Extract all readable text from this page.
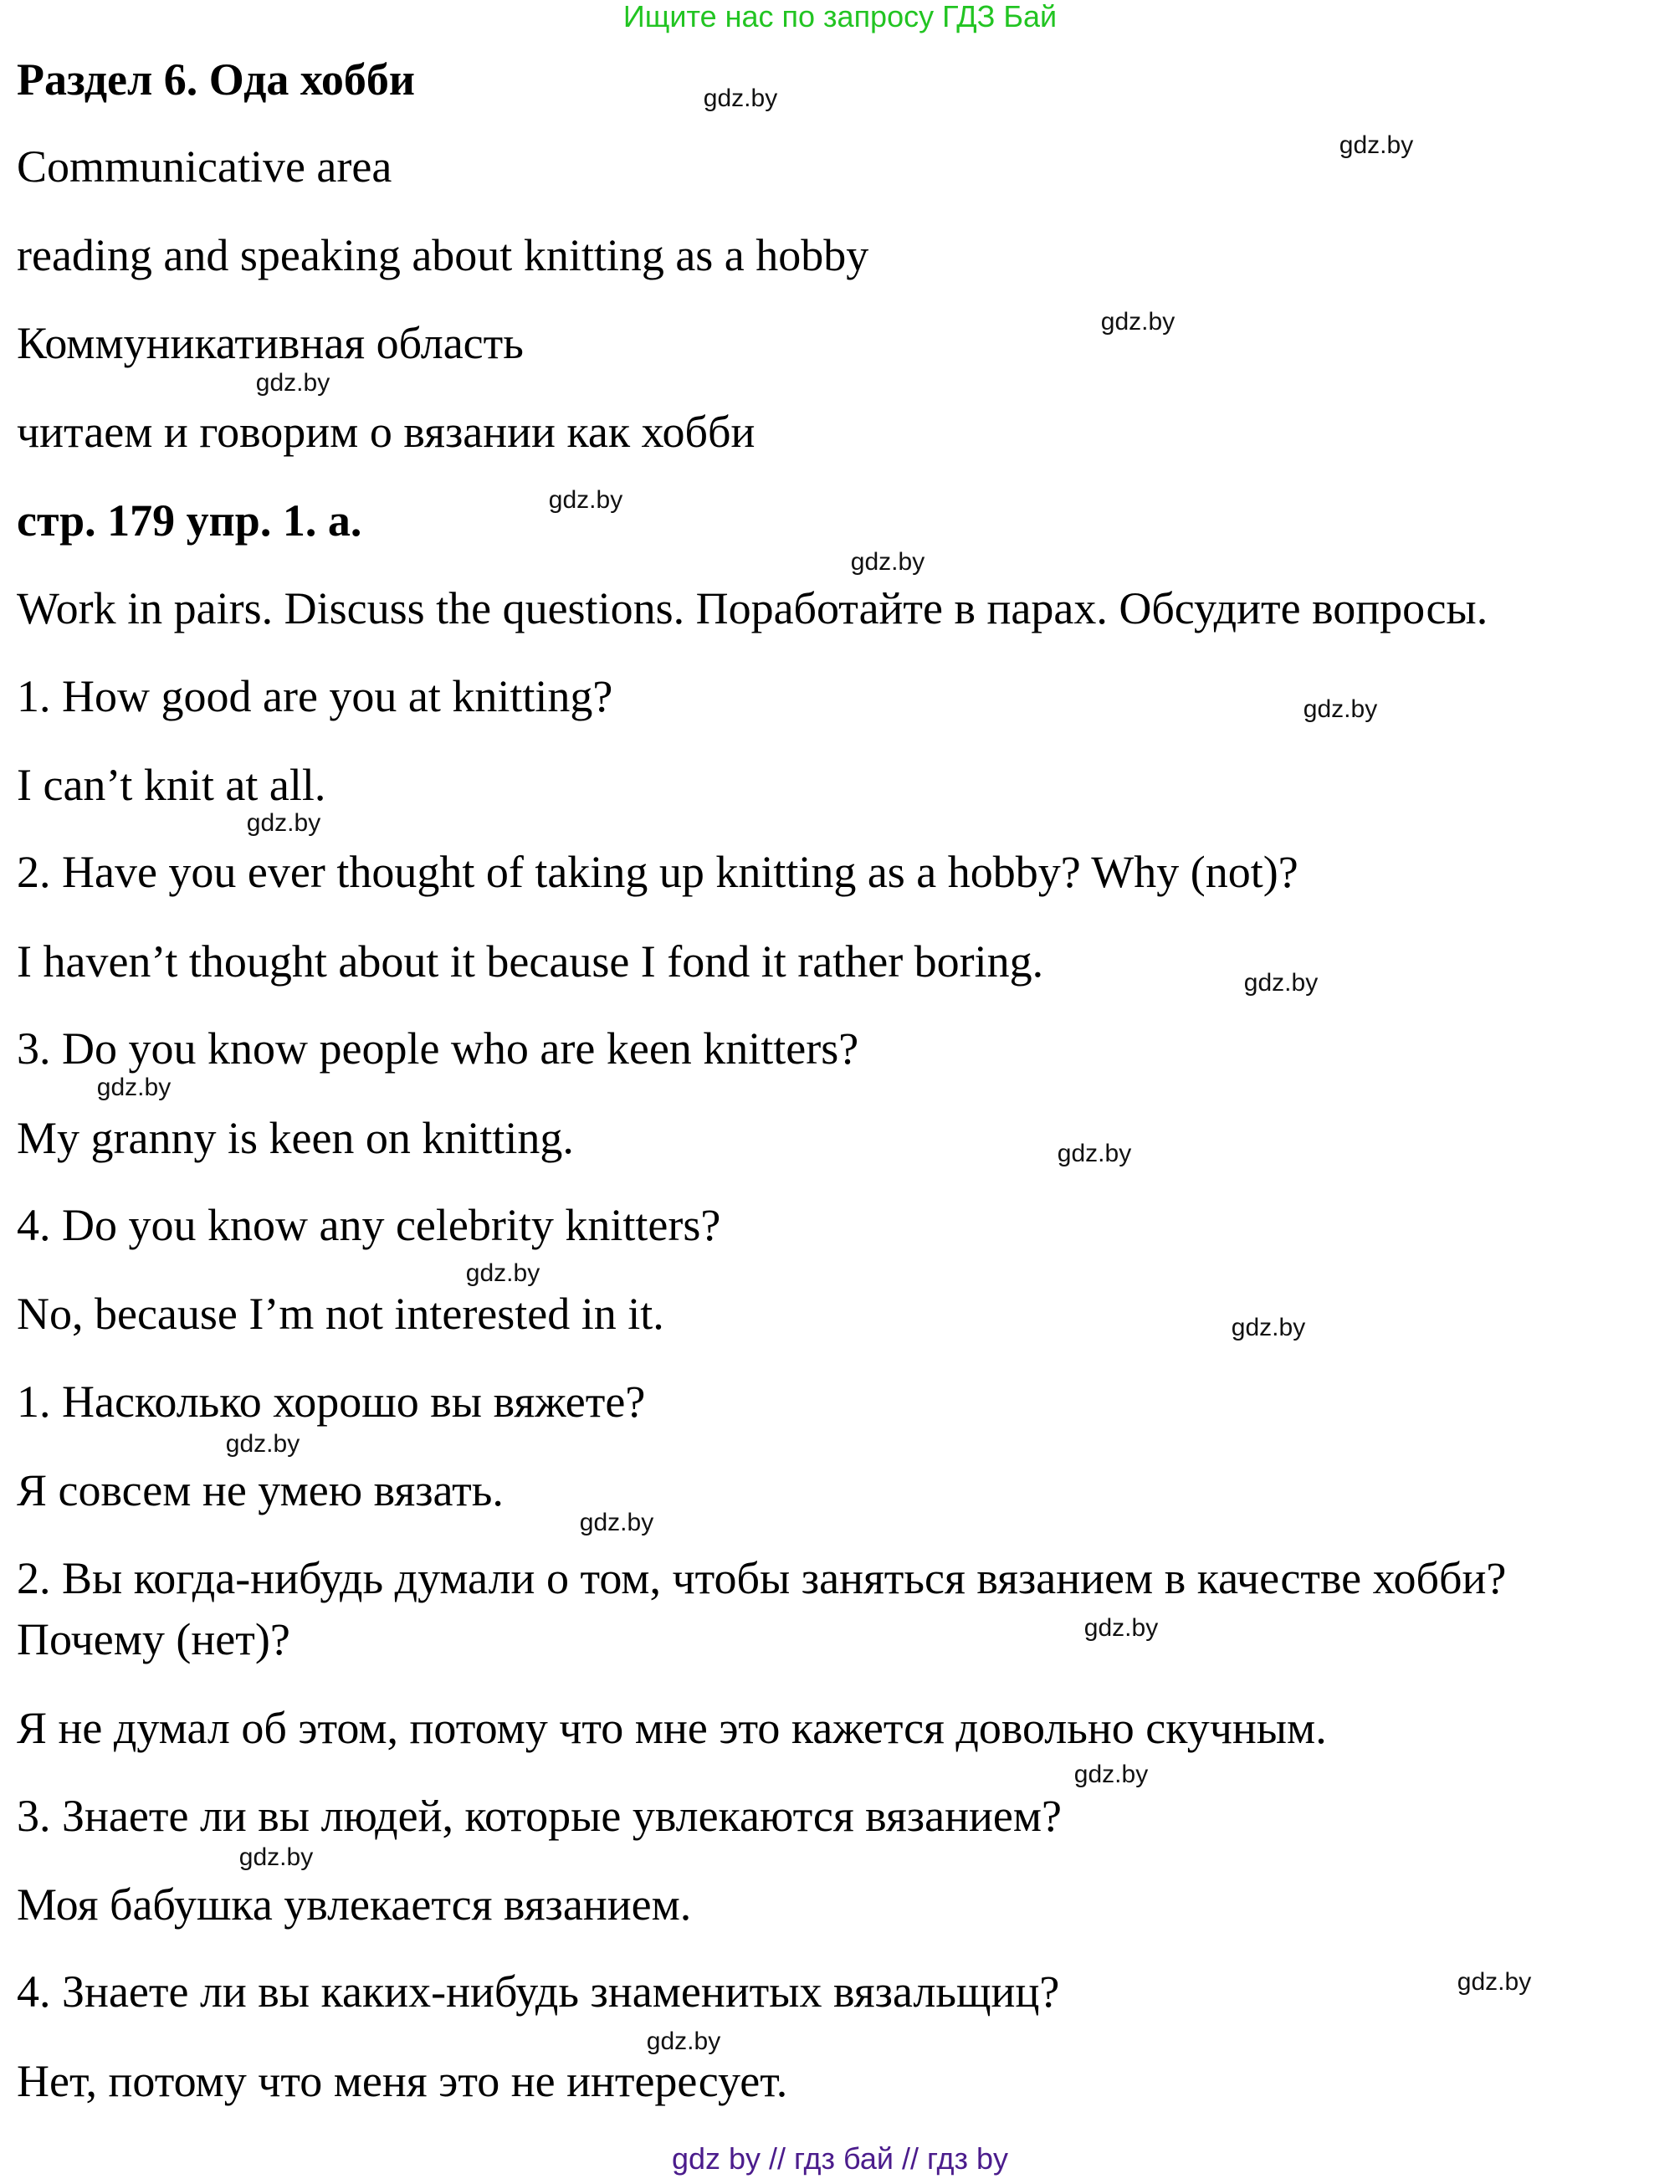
Ищите нас по запросу ГДЗ Бай
Раздел 6. Ода хобби
Communicative area
reading and speaking about knitting as a hobby
Коммуникативная область
читаем и говорим о вязании как хобби
стр. 179 упр. 1. а.
Work in pairs. Discuss the questions. Поработайте в парах. Обсудите вопросы.
1. How good are you at knitting?
I can’t knit at all.
2. Have you ever thought of taking up knitting as a hobby? Why (not)?
I haven’t thought about it because I fond it rather boring.
3. Do you know people who are keen knitters?
My granny is keen on knitting.
4. Do you know any celebrity knitters?
No, because I’m not interested in it.
1. Насколько хорошо вы вяжете?
Я совсем не умею вязать.
2. Вы когда-нибудь думали о том, чтобы заняться вязанием в качестве хобби?
Почему (нет)?
Я не думал об этом, потому что мне это кажется довольно скучным.
3. Знаете ли вы людей, которые увлекаются вязанием?
Моя бабушка увлекается вязанием.
4. Знаете ли вы каких-нибудь знаменитых вязальщиц?
Нет, потому что меня это не интересует.
gdz.by
gdz.by
gdz.by
gdz.by
gdz.by
gdz.by
gdz.by
gdz.by
gdz.by
gdz.by
gdz.by
gdz.by
gdz.by
gdz.by
gdz.by
gdz.by
gdz.by
gdz.by
gdz.by
gdz.by
gdz by // гдз бай // гдз by
